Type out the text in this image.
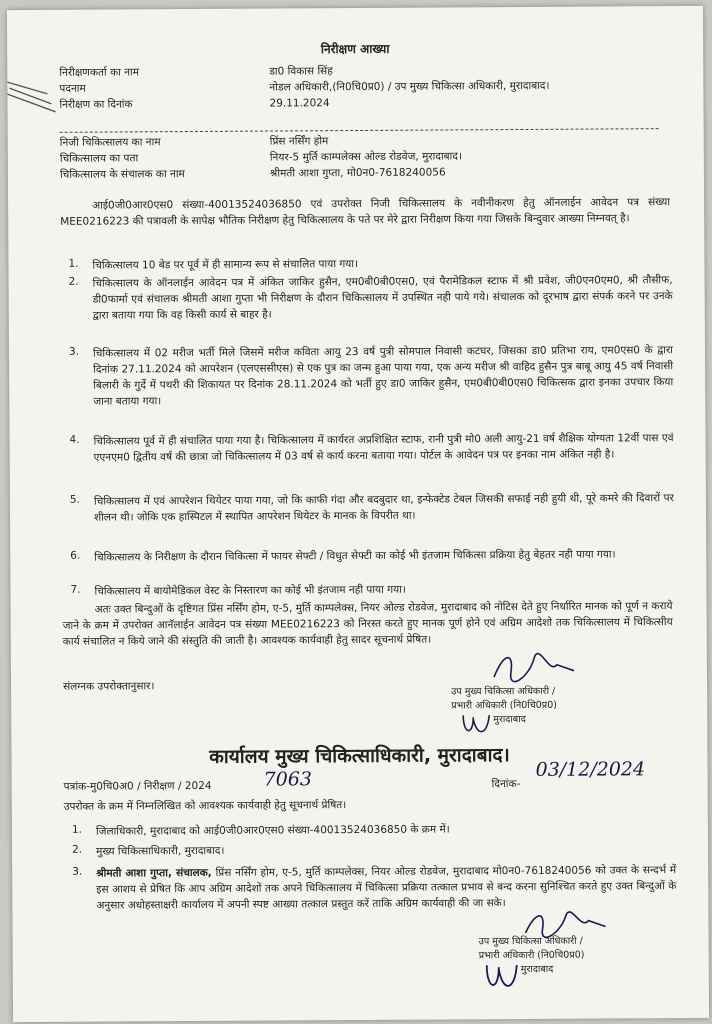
निरीक्षण आख्या
निरीक्षणकर्ता का नाम	डा0 विकास सिंह
पदनाम	नोडल अधिकारी,(नि0चि0प्र0) / उप मुख्य चिकित्सा अधिकारी, मुरादाबाद।
निरीक्षण का दिनांक	29.11.2024
निजी चिकित्सालय का नाम	प्रिंस नर्सिंग होम
चिकित्सालय का पता	नियर-5 मुर्ति काम्पलेक्स ओल्ड रोडवेज, मुरादाबाद।
चिकित्सालय के संचालक का नाम	श्रीमती आशा गुप्ता, मो0न0-7618240056
आई0जी0आर0एस0 संख्या-40013524036850 एवं उपरोक्त निजी चिकित्सालय के नवीनीकरण हेतु ऑनलाईन आवेदन पत्र संख्या MEE0216223 की पत्रावली के सापेक्ष भौतिक निरीक्षण हेतु चिकित्सालय के पते पर मेरे द्वारा निरीक्षण किया गया जिसके बिन्दुवार आख्या निम्नवत् है।
1. चिकित्सालय 10 बेड पर पूर्व में ही सामान्य रूप से संचालित पाया गया।
2. चिकित्सालय के ऑनलाईन आवेदन पत्र में अंकित जाकिर हुसैन, एम0बी0बी0एस0, एवं पैरामेडिकल स्टाफ में श्री प्रवेश, जी0एन0एम0, श्री तौसीफ, डी0फार्मा एवं संचालक श्रीमती आशा गुप्ता भी निरीक्षण के दौरान चिकित्सालय में उपस्थित नही पाये गये। संचालक को दूरभाष द्वारा संपर्क करने पर उनके द्वारा बताया गया कि वह किसी कार्य से बाहर है।
3. चिकित्सालय में 02 मरीज भर्ती मिले जिसमें मरीज कविता आयु 23 वर्ष पुत्री सोमपाल निवासी कटघर, जिसका डा0 प्रतिभा राय, एम0एस0 के द्वारा दिनांक 27.11.2024 को आपरेशन (एलएससीएस) से एक पुत्र का जन्म हुआ पाया गया, एक अन्य मरीज श्री वाहिद हुसैन पुत्र बाबू आयु 45 वर्ष निवासी बिलारी के गुर्दे में पथरी की शिकायत पर दिनांक 28.11.2024 को भर्ती हुए डा0 जाकिर हुसैन, एम0बी0बी0एस0 चिकित्सक द्वारा इनका उपचार किया जाना बताया गया।
4. चिकित्सालय पूर्व में ही संचालित पाया गया है। चिकित्सालय में कार्यरत अप्रशिक्षित स्टाफ, रानी पुत्री मो0 अली आयु-21 वर्ष शैक्षिक योग्यता 12वीं पास एवं एएनएम0 द्वितीय वर्ष की छात्रा जो चिकित्सालय में 03 वर्ष से कार्य करना बताया गया। पोर्टल के आवेदन पत्र पर इनका नाम अंकित नही है।
5. चिकित्सालय में एवं आपरेशन थियेटर पाया गया, जो कि काफी गंदा और बदबुदार था, इन्फेक्टेड टेबल जिसकी सफाई नही हुयी थी, पूरे कमरे की दिवारों पर शीलन थी। जोकि एक हास्पिटल में स्थापित आपरेशन थियेटर के मानक के विपरीत था।
6. चिकित्सालय के निरीक्षण के दौरान चिकित्सा में फायर सेफ्टी / विधुत सेफ्टी का कोई भी इंतजाम चिकित्सा प्रक्रिया हेतु बेहतर नही पाया गया।
7. चिकित्सालय में बायोमेडिकल वेस्ट के निस्तारण का कोई भी इंतजाम नही पाया गया।
अतः उक्त बिन्दुओं के दृष्टिगत प्रिंस नर्सिंग होम, ए-5, मुर्ति काम्पलेक्स, नियर ओल्ड रोडवेज, मुरादाबाद को नोटिस देते हुए निर्धारित मानक को पूर्ण न कराये जाने के क्रम में उपरोक्त आनॅलाईन आवेदन पत्र संख्या MEE0216223 को निरस्त करते हुए मानक पूर्ण होने एवं अग्रिम आदेशो तक चिकित्सालय में चिकित्सीय कार्य संचालित न किये जाने की संस्तुति की जाती है। आवश्यक कार्यवाही हेतु सादर सूचनार्थ प्रेषित।
संलग्नक उपरोक्तानुसार।	उप मुख्य चिकित्सा अधिकारी /
प्रभारी अधिकारी (नि0चि0प्र0)
मुरादाबाद
कार्यालय मुख्य चिकित्साधिकारी, मुरादाबाद।
पत्रांक-मु0चि0अ0 / निरीक्षण / 2024	7063	दिनांक-
03/12/2024
उपरोक्त के क्रम में निम्नलिखित को आवश्यक कार्यवाही हेतु सूचनार्थ प्रेषित।
1. जिलाधिकारी, मुरादाबाद को आई0जी0आर0एस0 संख्या-40013524036850 के क्रम में।
2. मुख्य चिकित्साधिकारी, मुरादाबाद।
3. श्रीमती आशा गुप्ता, संचालक, प्रिंस नर्सिंग होम, ए-5, मुर्ति काम्पलेक्स, नियर ओल्ड रोडवेज, मुरादाबाद मो0न0-7618240056 को उक्त के सन्दर्भ में इस आशय से प्रेषित कि आप अग्रिम आदेशों तक अपने चिकित्सालय में चिकित्सा प्रक्रिया तत्काल प्रभाव से बन्द करना सुनिश्चित करते हुए उक्त बिन्दुओं के अनुसार अधोहस्ताक्षरी कार्यालय में अपनी स्पष्ट आख्या तत्काल प्रस्तुत करें ताकि अग्रिम कार्यवाही की जा सके।
उप मुख्य चिकित्सा अधिकारी /
प्रभारी अधिकारी (नि0चि0प्र0)
मुरादाबाद
